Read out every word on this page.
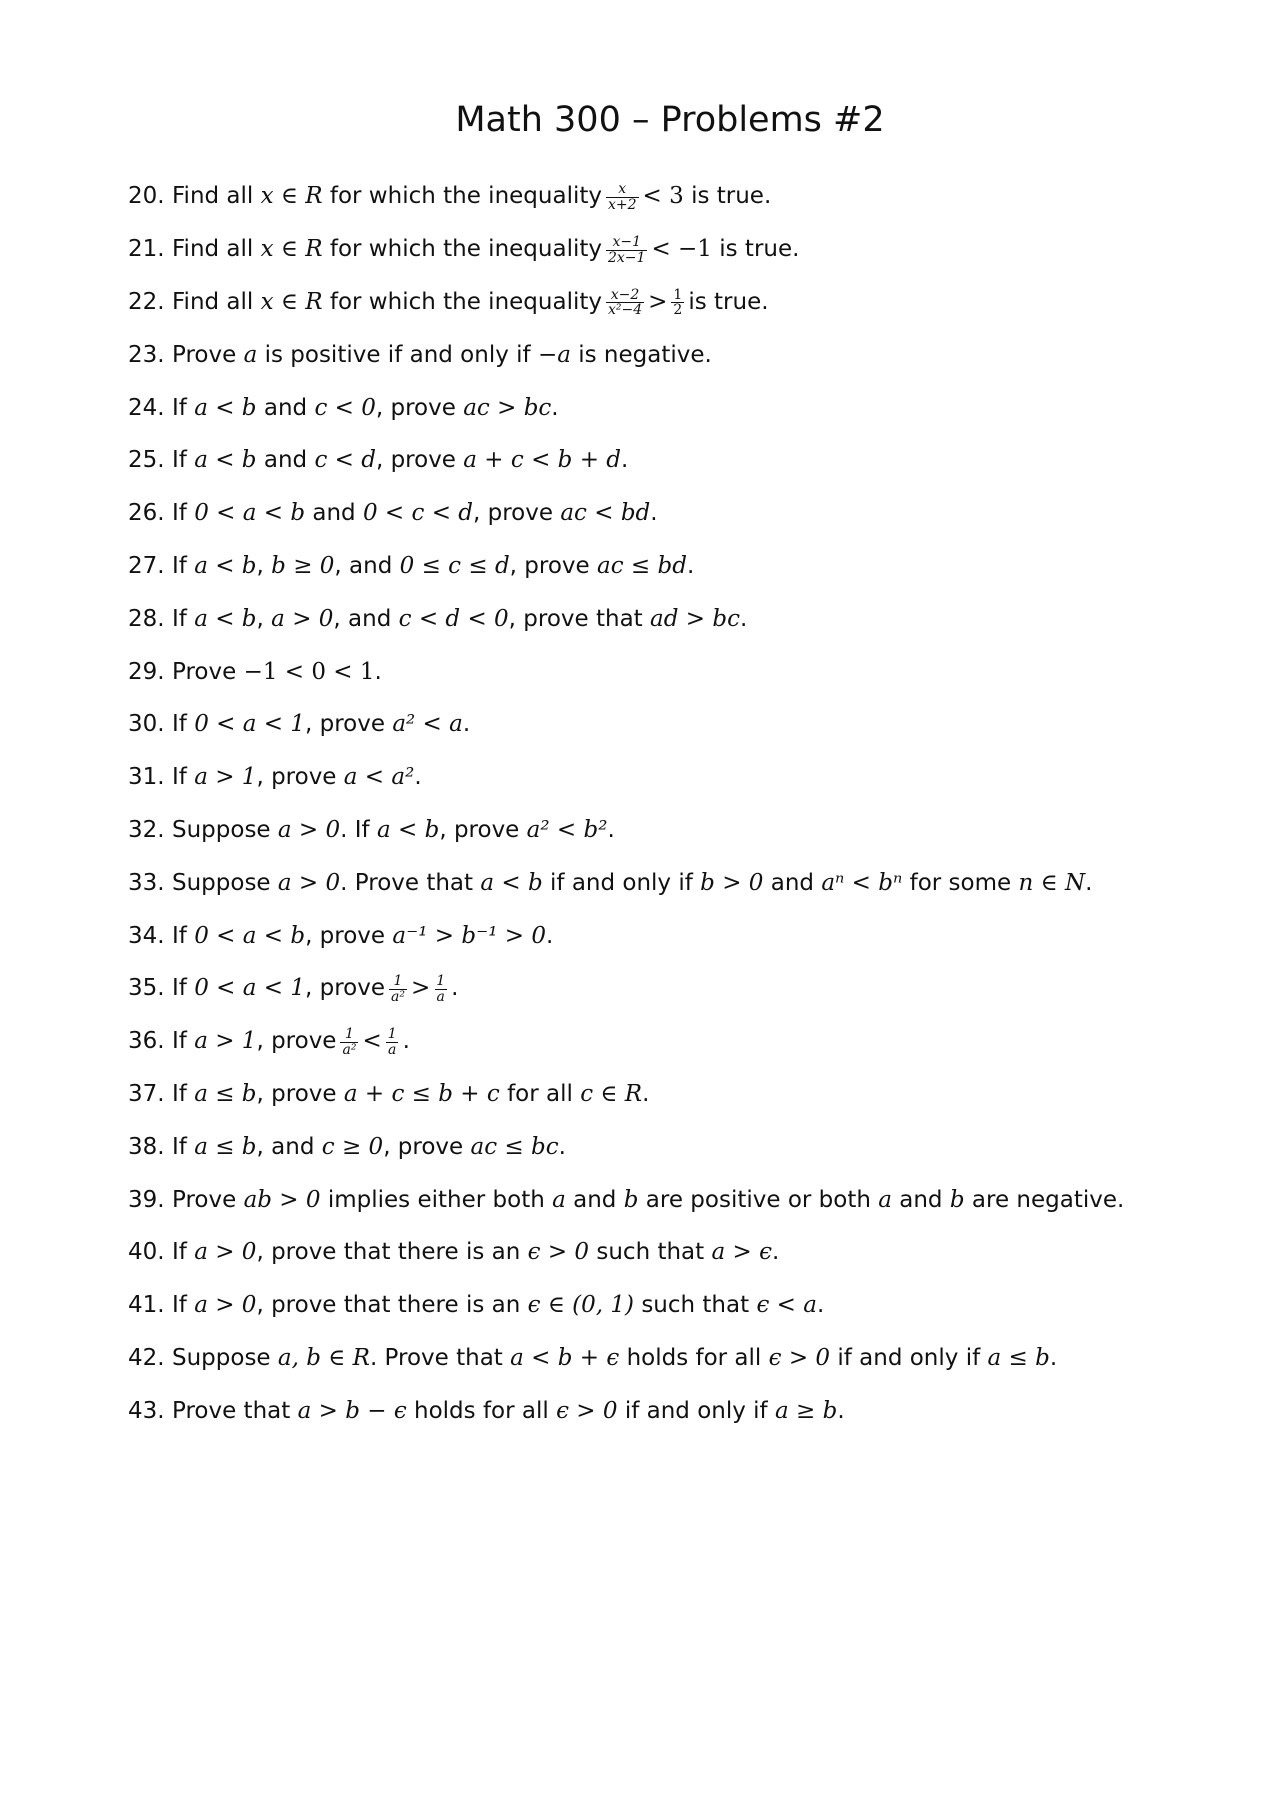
Math 300 – Problems #2
20. Find all
x ∈ R
for which the inequality $\frac{x}{x+2} < 3$
is true.
21. Find all
x ∈ R
for which the inequality $\frac{x-1}{2x-1} < -1$
is true.
22. Find all
x ∈ R
for which the inequality $\frac{x-2}{\text{x²−4}} > \frac{1}{2}$ is true.
23. Prove
a
is positive if and only if
−a
is negative.
24. If
a < b
and
c < 0 , prove
ac > bc .
25. If
a < b
and
c < d , prove
a + c < b + d .
26. If
0 < a < b
and
0 < c < d , prove
ac < bd .
27. If
a < b ,
b ≥ 0 , and
0 ≤ c ≤ d , prove
ac ≤ bd .
28. If
a < b ,
a > 0 , and
c < d < 0 , prove that
ad > bc .
29. Prove
−1 < 0 < 1 .
30. If
0 < a < 1 , prove
a² < a .
31. If
a > 1 , prove
a < a² .
32. Suppose
a > 0 . If
a < b , prove
a² < b² .
33. Suppose
a > 0 . Prove that
a < b
if and only if
b > 0
and
aⁿ < bⁿ
for some
n ∈ N .
34. If
0 < a < b , prove
a⁻¹ > b⁻¹ > 0 .
35. If
0 < a < 1 , prove $\frac{1}{\text{a²}} > \frac{1}{a}$ .
36. If
a > 1 , prove $\frac{1}{\text{a²}} < \frac{1}{a}$ .
37. If
a ≤ b , prove
a + c ≤ b + c
for all
c ∈ R .
38. If
a ≤ b , and
c ≥ 0 , prove
ac ≤ bc .
39. Prove
ab > 0
implies either both
a
and
b
are positive or both
a
and
b
are negative.
40. If
a > 0 , prove that there is an
ϵ > 0
such that
a > ϵ .
41. If
a > 0 , prove that there is an
ϵ ∈ (0, 1)
such that
ϵ < a .
42. Suppose
a, b ∈ R . Prove that
a < b + ϵ
holds for all
ϵ > 0
if and only if
a ≤ b .
43. Prove that
a > b − ϵ
holds for all
ϵ > 0
if and only if
a ≥ b .
